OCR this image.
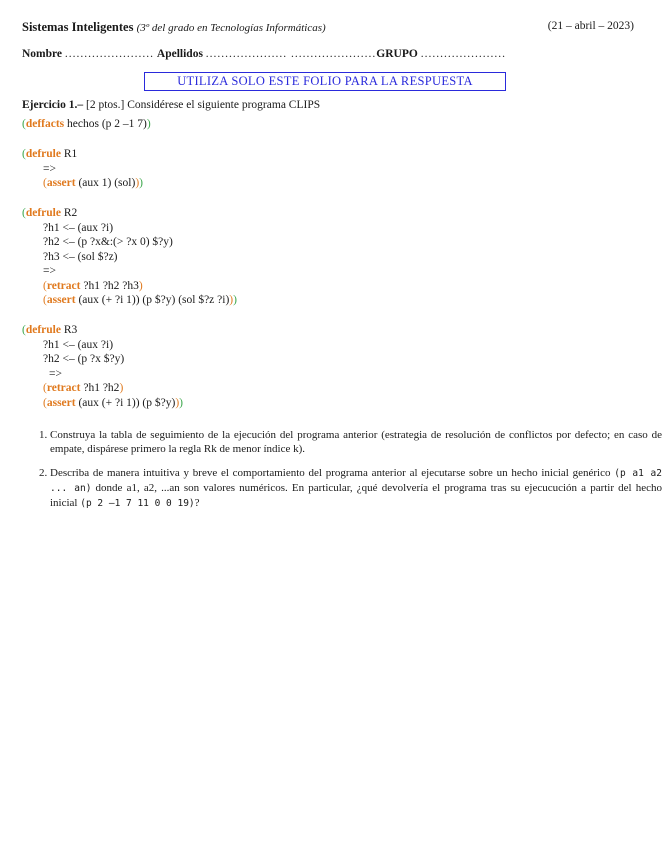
Sistemas Inteligentes (3º del grado en Tecnologías Informáticas)	(21 – abril – 2023)
Nombre ....................... Apellidos ..................... ......................GRUPO ......................
UTILIZA SOLO ESTE FOLIO PARA LA RESPUESTA
Ejercicio 1.– [2 ptos.] Considérese el siguiente programa CLIPS
(deffacts hechos (p 2 –1 7))
(defrule R1
=>
(assert (aux 1) (sol)))
(defrule R2
?h1 <– (aux ?i)
?h2 <– (p ?x&:(> ?x 0) $?y)
?h3 <– (sol $?z)
=>
(retract ?h1 ?h2 ?h3)
(assert (aux (+ ?i 1)) (p $?y) (sol $?z ?i)))
(defrule R3
?h1 <– (aux ?i)
?h2 <– (p ?x $?y)
=>
(retract ?h1 ?h2)
(assert (aux (+ ?i 1)) (p $?y)))
1. Construya la tabla de seguimiento de la ejecución del programa anterior (estrategia de resolución de conflictos por defecto; en caso de empate, dispárese primero la regla Rk de menor índice k).
2. Describa de manera intuitiva y breve el comportamiento del programa anterior al ejecutarse sobre un hecho inicial genérico (p a1 a2 ... an) donde a1, a2, ...an son valores numéricos. En particular, ¿qué devolvería el programa tras su ejecucución a partir del hecho inicial (p 2 –1 7 11 0 0 19)?
